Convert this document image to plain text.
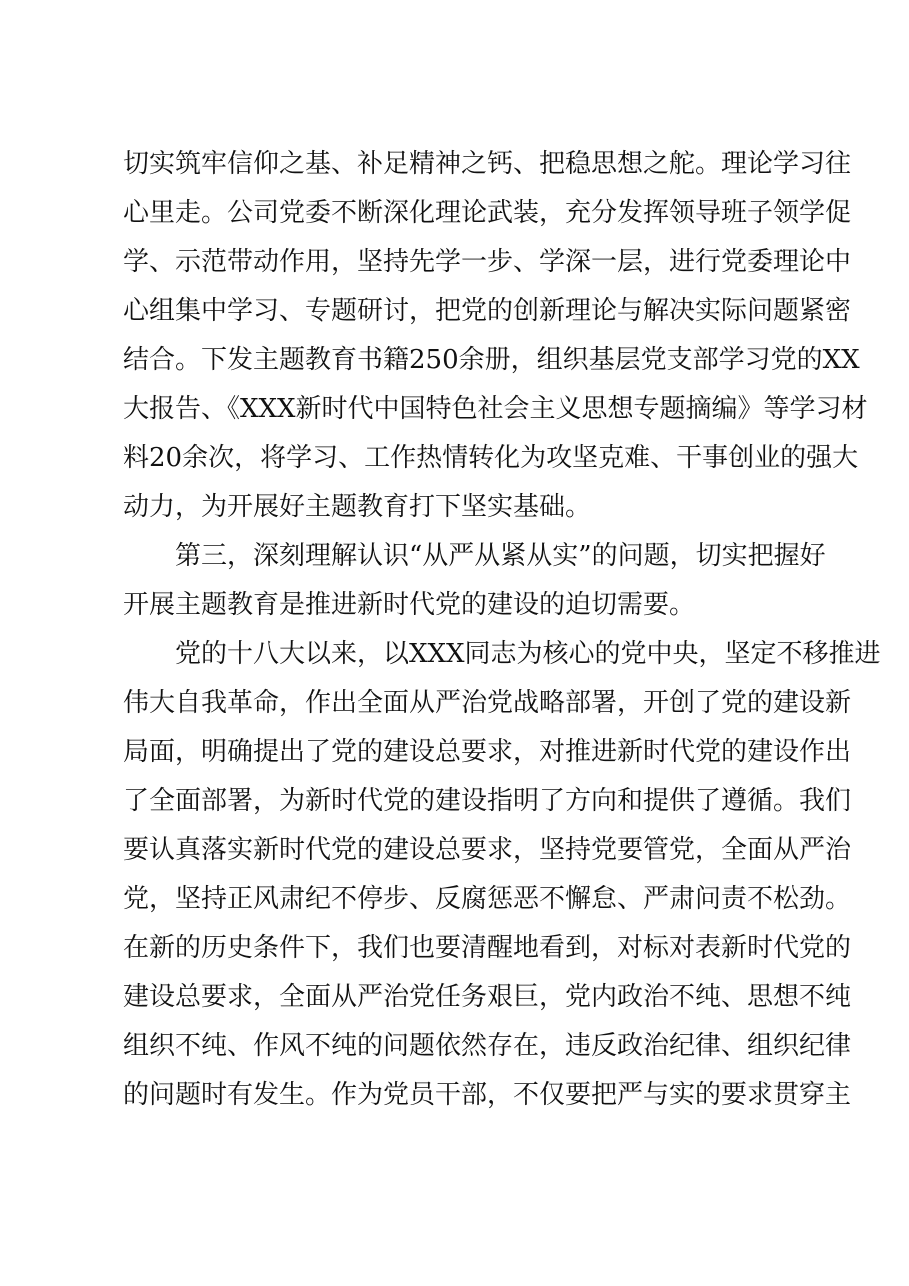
切实筑牢信仰之基、补足精神之钙、把稳思想之舵。理论学习往
心里走。公司党委不断深化理论武装，充分发挥领导班子领学促
学、示范带动作用，坚持先学一步、学深一层，进行党委理论中
心组集中学习、专题研讨，把党的创新理论与解决实际问题紧密
结合。下发主题教育书籍250余册，组织基层党支部学习党的XX
大报告、《XXX新时代中国特色社会主义思想专题摘编》等学习材
料20余次，将学习、工作热情转化为攻坚克难、干事创业的强大
动力，为开展好主题教育打下坚实基础。
第三，深刻理解认识“从严从紧从实”的问题，切实把握好
开展主题教育是推进新时代党的建设的迫切需要。
党的十八大以来，以XXX同志为核心的党中央，坚定不移推进
伟大自我革命，作出全面从严治党战略部署，开创了党的建设新
局面，明确提出了党的建设总要求，对推进新时代党的建设作出
了全面部署，为新时代党的建设指明了方向和提供了遵循。我们
要认真落实新时代党的建设总要求，坚持党要管党，全面从严治
党，坚持正风肃纪不停步、反腐惩恶不懈怠、严肃问责不松劲。
在新的历史条件下，我们也要清醒地看到，对标对表新时代党的
建设总要求，全面从严治党任务艰巨，党内政治不纯、思想不纯
组织不纯、作风不纯的问题依然存在，违反政治纪律、组织纪律
的问题时有发生。作为党员干部，不仅要把严与实的要求贯穿主
